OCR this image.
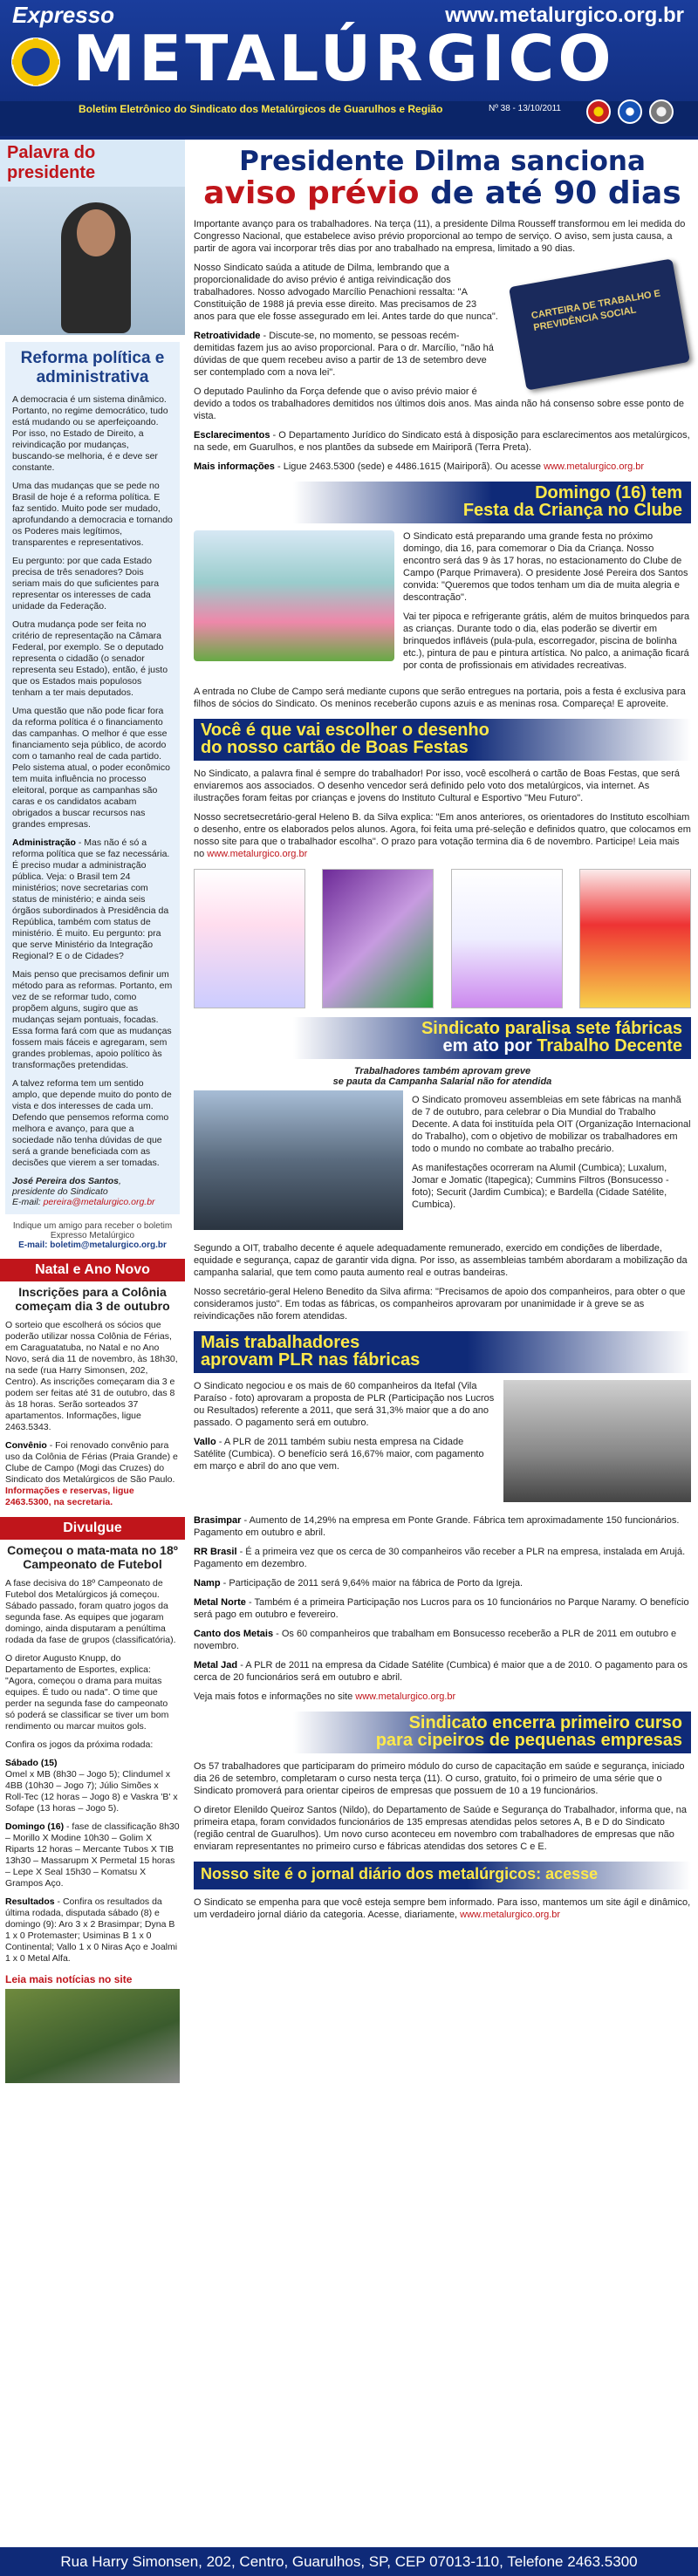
Expresso	www.metalurgico.org.br
METALÚRGICO
Boletim Eletrônico do Sindicato dos Metalúrgicos de Guarulhos e Região	Nº 38 - 13/10/2011
Palavra do presidente
Reforma política e administrativa

A democracia é um sistema dinâmico. Portanto, no regime democrático, tudo está mudando ou se aperfeiçoando. Por isso, no Estado de Direito, a reivindicação por mudanças, buscando-se melhoria, é e deve ser constante.

Uma das mudanças que se pede no Brasil de hoje é a reforma política. E faz sentido. Muito pode ser mudado, aprofundando a democracia e tornando os Poderes mais legítimos, transparentes e representativos.

Eu pergunto: por que cada Estado precisa de três senadores? Dois seriam mais do que suficientes para representar os interesses de cada unidade da Federação.

Outra mudança pode ser feita no critério de representação na Câmara Federal, por exemplo. Se o deputado representa o cidadão (o senador representa seu Estado), então, é justo que os Estados mais populosos tenham a ter mais deputados.

Uma questão que não pode ficar fora da reforma política é o financiamento das campanhas. O melhor é que esse financiamento seja público, de acordo com o tamanho real de cada partido. Pelo sistema atual, o poder econômico tem muita influência no processo eleitoral, porque as campanhas são caras e os candidatos acabam obrigados a buscar recursos nas grandes empresas.

Administração - Mas não é só a reforma política que se faz necessária. É preciso mudar a administração pública. Veja: o Brasil tem 24 ministérios; nove secretarias com status de ministério; e ainda seis órgãos subordinados à Presidência da República, também com status de ministério. É muito. Eu pergunto: pra que serve Ministério da Integração Regional? E o de Cidades?

Mais penso que precisamos definir um método para as reformas. Portanto, em vez de se reformar tudo, como propõem alguns, sugiro que as mudanças sejam pontuais, focadas. Essa forma fará com que as mudanças fossem mais fáceis e agregaram, sem grandes problemas, apoio político às transformações pretendidas.

A talvez reforma tem um sentido amplo, que depende muito do ponto de vista e dos interesses de cada um. Defendo que pensemos reforma como melhora e avanço, para que a sociedade não tenha dúvidas de que será a grande beneficiada com as decisões que vierem a ser tomadas.

José Pereira dos Santos,
presidente do Sindicato
E-mail: pereira@metalurgico.org.br
Indique um amigo para receber o boletim Expresso Metalúrgico
E-mail: boletim@metalurgico.org.br
Natal e Ano Novo
Inscrições para a Colônia começam dia 3 de outubro

O sorteio que escolherá os sócios que poderão utilizar nossa Colônia de Férias, em Caraguatatuba, no Natal e no Ano Novo, será dia 11 de novembro, às 18h30, na sede (rua Harry Simonsen, 202, Centro). As inscrições começaram dia 3 e podem ser feitas até 31 de outubro, das 8 às 18 horas. Serão sorteados 37 apartamentos. Informações, ligue 2463.5343.

Convênio - Foi renovado convênio para uso da Colônia de Férias (Praia Grande) e Clube de Campo (Mogi das Cruzes) do Sindicato dos Metalúrgicos de São Paulo. Informações e reservas, ligue 2463.5300, na secretaria.

Divulgue
Começou o mata-mata no 18º Campeonato de Futebol

A fase decisiva do 18º Campeonato de Futebol dos Metalúrgicos já começou. Sábado passado, foram quatro jogos da segunda fase. As equipes que jogaram domingo, ainda disputaram a penúltima rodada da fase de grupos (classificatória).

O diretor Augusto Knupp, do Departamento de Esportes, explica: "Agora, começou o drama para muitas equipes. É tudo ou nada". O time que perder na segunda fase do campeonato só poderá se classificar se tiver um bom rendimento ou marcar muitos gols.

Confira os jogos da próxima rodada:

Sábado (15)
Omel x MB (8h30 – Jogo 5); Clindumel x 4BB (10h30 – Jogo 7); Júlio Simões x Roll-Tec (12 horas – Jogo 8) e Vaskra 'B' x Sofape (13 horas – Jogo 5).

Domingo (16) - fase de classificação 8h30 – Morillo X Modine 10h30 – Golim X Riparts 12 horas – Mercante Tubos X TIB 13h30 – Massarupm X Permetal 15 horas – Lepe X Seal 15h30 – Komatsu X Grampos Aço.

Resultados - Confira os resultados da última rodada, disputada sábado (8) e domingo (9): Aro 3 x 2 Brasimpar; Dyna B 1 x 0 Protemaster; Usiminas B 1 x 0 Continental; Vallo 1 x 0 Niras Aço e Joalmi 1 x 0 Metal Alfa.

Leia mais notícias no site
Presidente Dilma sanciona
aviso prévio de até 90 dias

Importante avanço para os trabalhadores. Na terça (11), a presidente Dilma Rousseff transformou em lei medida do Congresso Nacional, que estabelece aviso prévio proporcional ao tempo de serviço. O aviso, sem justa causa, a partir de agora vai incorporar três dias por ano trabalhado na empresa, limitado a 90 dias.

CARTEIRA DE TRABALHO E PREVIDÊNCIA SOCIAL

Nosso Sindicato saúda a atitude de Dilma, lembrando que a proporcionalidade do aviso prévio é antiga reivindicação dos trabalhadores. Nosso advogado Marcílio Penachioni ressalta: "A Constituição de 1988 já previa esse direito. Mas precisamos de 23 anos para que ele fosse assegurado em lei. Antes tarde do que nunca".

Retroatividade - Discute-se, no momento, se pessoas recém-demitidas fazem jus ao aviso proporcional. Para o dr. Marcílio, "não há dúvidas de que quem recebeu aviso a partir de 13 de setembro deve ser contemplado com a nova lei".

O deputado Paulinho da Força defende que o aviso prévio maior é devido a todos os trabalhadores demitidos nos últimos dois anos. Mas ainda não há consenso sobre esse ponto de vista.

Esclarecimentos - O Departamento Jurídico do Sindicato está à disposição para esclarecimentos aos metalúrgicos, na sede, em Guarulhos, e nos plantões da subsede em Mairiporã (Terra Preta).

Mais informações - Ligue 2463.5300 (sede) e 4486.1615 (Mairiporã). Ou acesse www.metalurgico.org.br

Domingo (16) tem
Festa da Criança no Clube

O Sindicato está preparando uma grande festa no próximo domingo, dia 16, para comemorar o Dia da Criança. Nosso encontro será das 9 às 17 horas, no estacionamento do Clube de Campo (Parque Primavera). O presidente José Pereira dos Santos convida: "Queremos que todos tenham um dia de muita alegria e descontração".

Vai ter pipoca e refrigerante grátis, além de muitos brinquedos para as crianças. Durante todo o dia, elas poderão se divertir em brinquedos infláveis (pula-pula, escorregador, piscina de bolinha etc.), pintura de pau e pintura artística. No palco, a animação ficará por conta de profissionais em atividades recreativas.

A entrada no Clube de Campo será mediante cupons que serão entregues na portaria, pois a festa é exclusiva para filhos de sócios do Sindicato. Os meninos receberão cupons azuis e as meninas rosa. Compareça! E aproveite.

Você é que vai escolher o desenho
do nosso cartão de Boas Festas

No Sindicato, a palavra final é sempre do trabalhador! Por isso, você escolherá o cartão de Boas Festas, que será enviaremos aos associados. O desenho vencedor será definido pelo voto dos metalúrgicos, via internet. As ilustrações foram feitas por crianças e jovens do Instituto Cultural e Esportivo "Meu Futuro".

Nosso secretsecretário-geral Heleno B. da Silva explica: "Em anos anteriores, os orientadores do Instituto escolhiam o desenho, entre os elaborados pelos alunos. Agora, foi feita uma pré-seleção e definidos quatro, que colocamos em nosso site para que o trabalhador escolha". O prazo para votação termina dia 6 de novembro. Participe! Leia mais no www.metalurgico.org.br

Sindicato paralisa sete fábricas
em ato por Trabalho Decente
Trabalhadores também aprovam greve
se pauta da Campanha Salarial não for atendida

O Sindicato promoveu assembleias em sete fábricas na manhã de 7 de outubro, para celebrar o Dia Mundial do Trabalho Decente. A data foi instituída pela OIT (Organização Internacional do Trabalho), com o objetivo de mobilizar os trabalhadores em todo o mundo no combate ao trabalho precário.

As manifestações ocorreram na Alumil (Cumbica); Luxalum, Jomar e Jomatic (Itapegica); Cummins Filtros (Bonsucesso - foto); Securit (Jardim Cumbica); e Bardella (Cidade Satélite, Cumbica).

Segundo a OIT, trabalho decente é aquele adequadamente remunerado, exercido em condições de liberdade, equidade e segurança, capaz de garantir vida digna. Por isso, as assembleias também abordaram a mobilização da campanha salarial, que tem como pauta aumento real e outras bandeiras.

Nosso secretário-geral Heleno Benedito da Silva afirma: "Precisamos de apoio dos companheiros, para obter o que consideramos justo". Em todas as fábricas, os companheiros aprovaram por unanimidade ir à greve se as reivindicações não forem atendidas.

Mais trabalhadores
aprovam PLR nas fábricas

O Sindicato negociou e os mais de 60 companheiros da Itefal (Vila Paraíso - foto) aprovaram a proposta de PLR (Participação nos Lucros ou Resultados) referente a 2011, que será 31,3% maior que a do ano passado. O pagamento será em outubro.

Vallo - A PLR de 2011 também subiu nesta empresa na Cidade Satélite (Cumbica). O benefício será 16,67% maior, com pagamento em março e abril do ano que vem.

Brasimpar - Aumento de 14,29% na empresa em Ponte Grande. Fábrica tem aproximadamente 150 funcionários. Pagamento em outubro e abril.

RR Brasil - É a primeira vez que os cerca de 30 companheiros vão receber a PLR na empresa, instalada em Arujá. Pagamento em dezembro.

Namp - Participação de 2011 será 9,64% maior na fábrica de Porto da Igreja.

Metal Norte - Também é a primeira Participação nos Lucros para os 10 funcionários no Parque Naramy. O benefício será pago em outubro e fevereiro.

Canto dos Metais - Os 60 companheiros que trabalham em Bonsucesso receberão a PLR de 2011 em outubro e novembro.

Metal Jad - A PLR de 2011 na empresa da Cidade Satélite (Cumbica) é maior que a de 2010. O pagamento para os cerca de 20 funcionários será em outubro e abril.

Veja mais fotos e informações no site www.metalurgico.org.br

Sindicato encerra primeiro curso
para cipeiros de pequenas empresas

Os 57 trabalhadores que participaram do primeiro módulo do curso de capacitação em saúde e segurança, iniciado dia 26 de setembro, completaram o curso nesta terça (11). O curso, gratuito, foi o primeiro de uma série que o Sindicato promoverá para orientar cipeiros de empresas que possuem de 10 a 19 funcionários.

O diretor Elenildo Queiroz Santos (Nildo), do Departamento de Saúde e Segurança do Trabalhador, informa que, na primeira etapa, foram convidados funcionários de 135 empresas atendidas pelos setores A, B e D do Sindicato (região central de Guarulhos). Um novo curso aconteceu em novembro com trabalhadores de empresas que não enviaram representantes no primeiro curso e fábricas atendidas dos setores C e E.

Nosso site é o jornal diário dos metalúrgicos: acesse

O Sindicato se empenha para que você esteja sempre bem informado. Para isso, mantemos um site ágil e dinâmico, um verdadeiro jornal diário da categoria. Acesse, diariamente, www.metalurgico.org.br

Rua Harry Simonsen, 202, Centro, Guarulhos, SP, CEP 07013-110, Telefone 2463.5300
